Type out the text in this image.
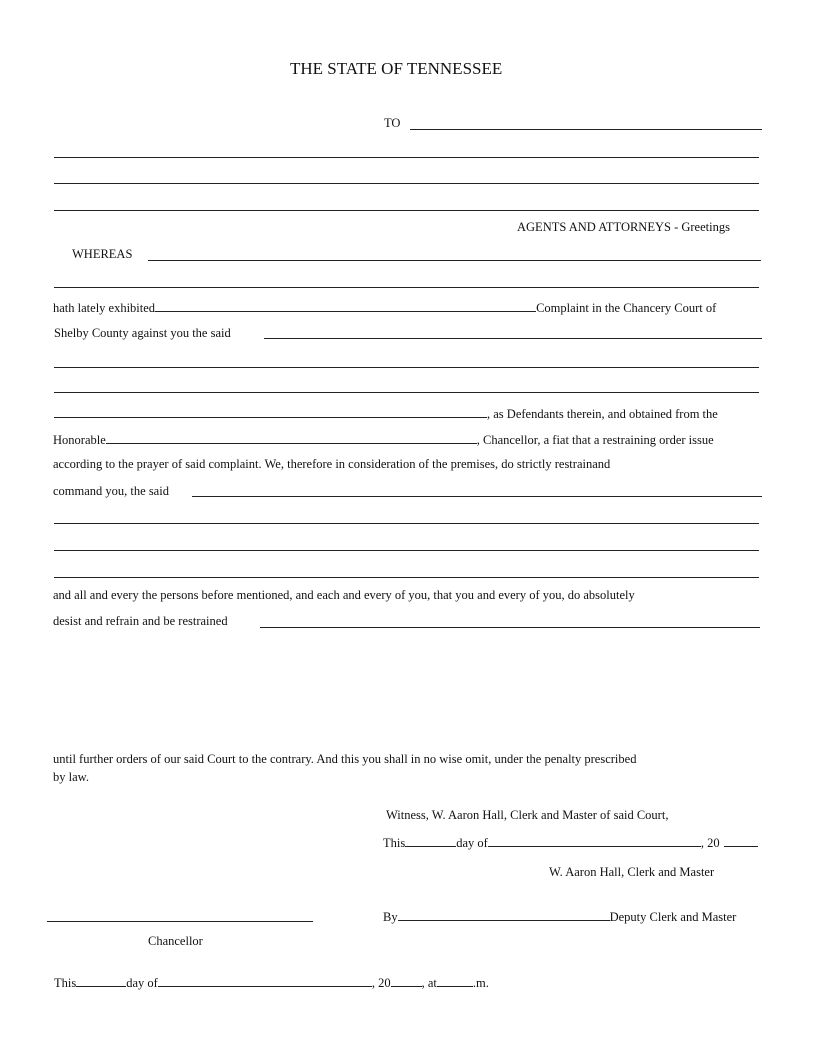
THE STATE OF TENNESSEE
TO
AGENTS AND ATTORNEYS - Greetings
WHEREAS
hath lately exhibited	Complaint in the Chancery Court of
Shelby County against you the said
, as Defendants therein, and obtained from the
Honorable	, Chancellor, a fiat that a restraining order issue
according to the prayer of said complaint. We, therefore in consideration of the premises, do strictly restrainand
command you, the said
and all and every the persons before mentioned, and each and every of you, that you and every of you, do absolutely
desist and refrain and be restrained
until further orders of our said Court to the contrary. And this you shall in no wise omit, under the penalty prescribed
by law.
Witness, W. Aaron Hall, Clerk and Master of said Court,
This	day of	, 20
W. Aaron Hall, Clerk and Master
Chancellor
By	Deputy Clerk and Master
This	day of	, 20 , at	.m.
